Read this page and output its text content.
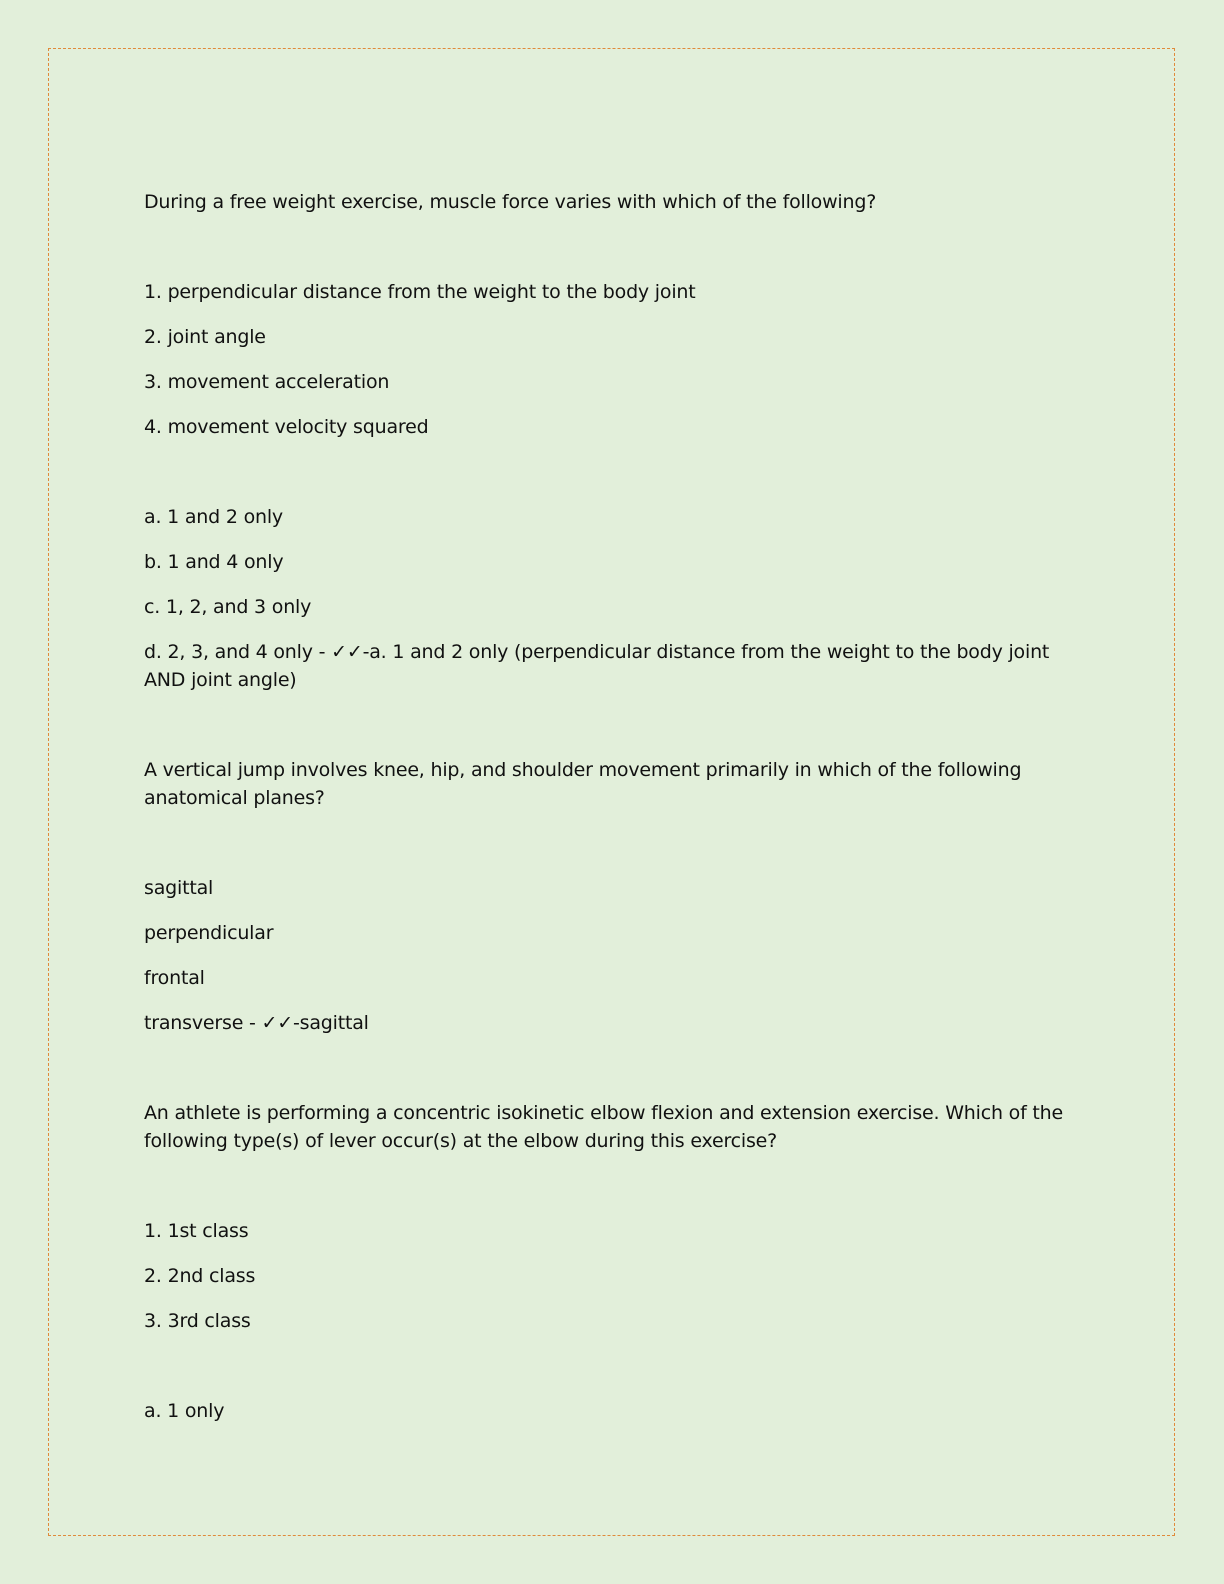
During a free weight exercise, muscle force varies with which of the following?

1. perpendicular distance from the weight to the body joint

2. joint angle

3. movement acceleration

4. movement velocity squared

a. 1 and 2 only

b. 1 and 4 only

c. 1, 2, and 3 only

d. 2, 3, and 4 only - ✓✓-a. 1 and 2 only (perpendicular distance from the weight to the body joint AND joint angle)

A vertical jump involves knee, hip, and shoulder movement primarily in which of the following anatomical planes?

sagittal

perpendicular

frontal

transverse - ✓✓-sagittal

An athlete is performing a concentric isokinetic elbow flexion and extension exercise. Which of the following type(s) of lever occur(s) at the elbow during this exercise?

1. 1st class

2. 2nd class

3. 3rd class

a. 1 only
